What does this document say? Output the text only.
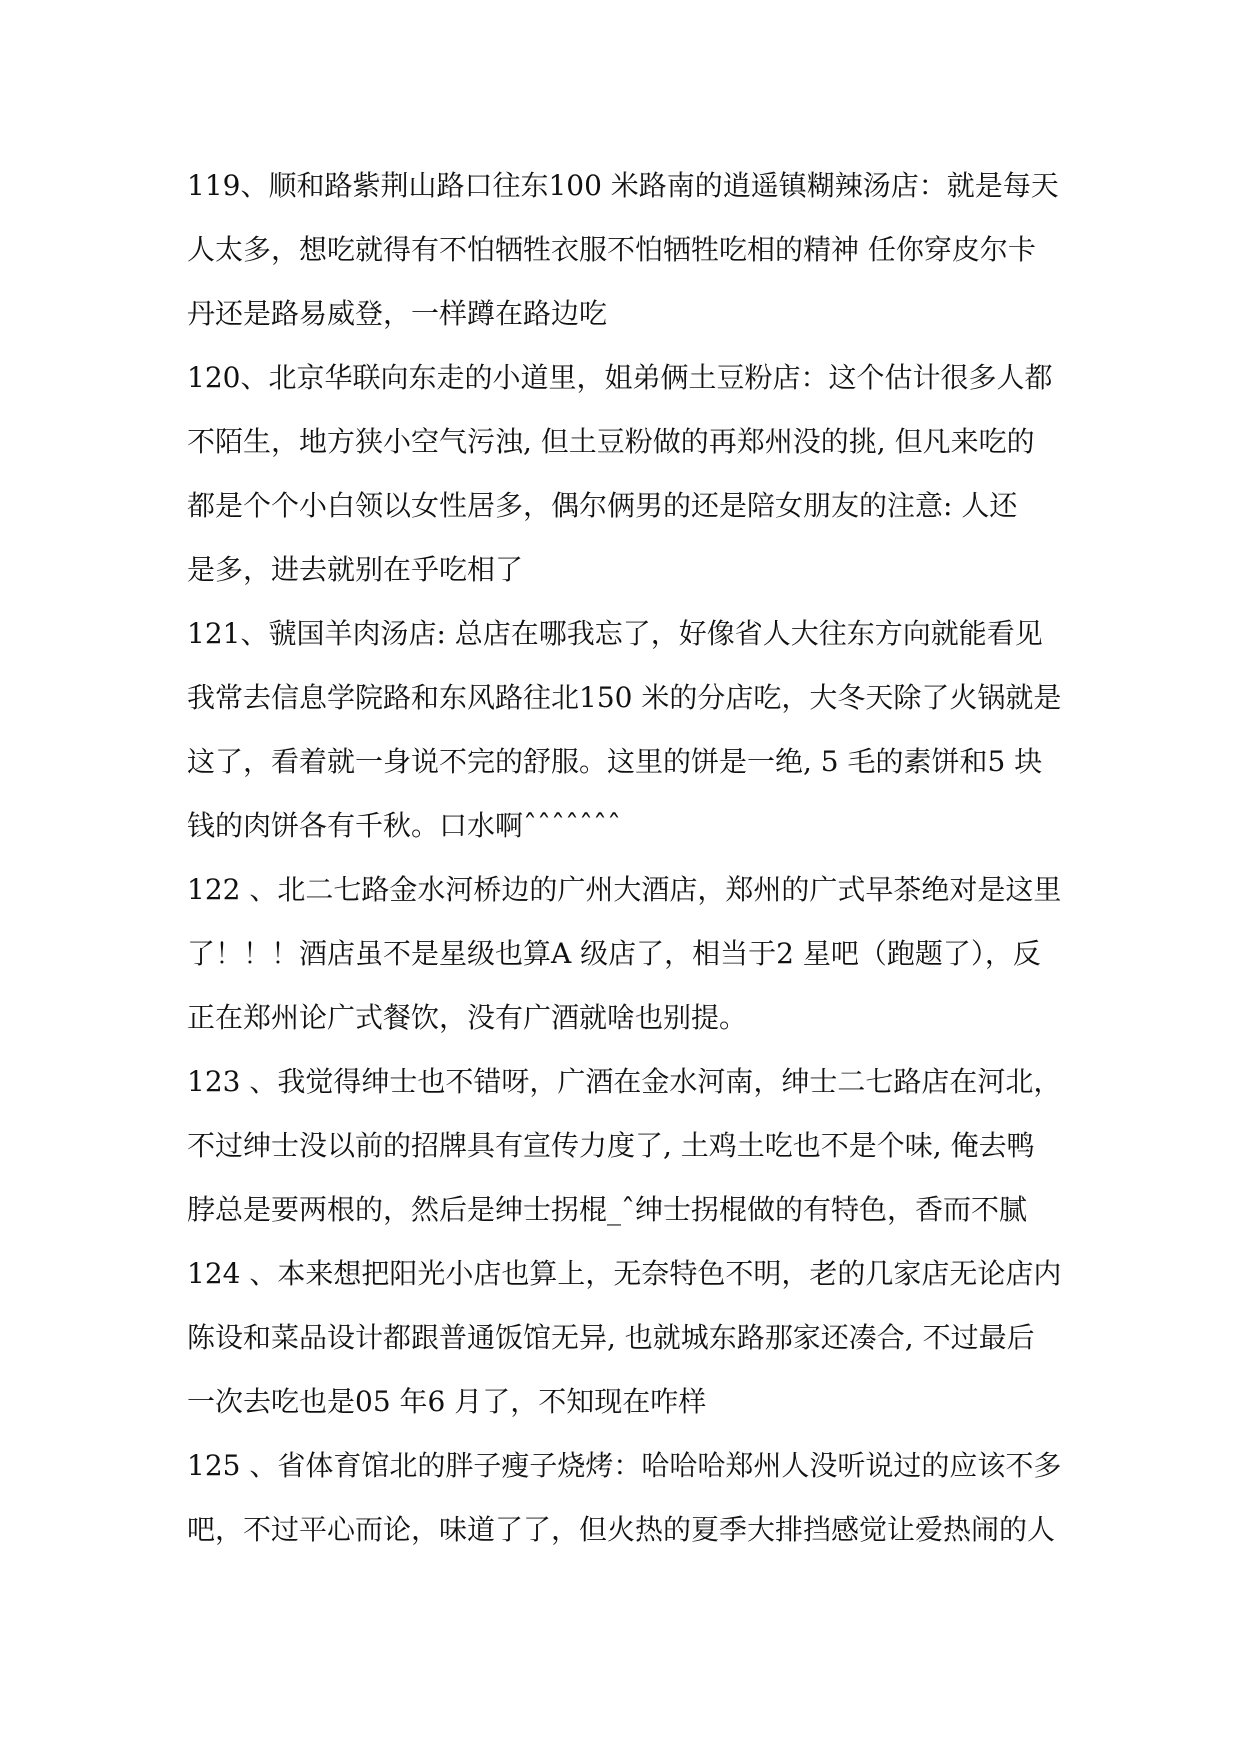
119、顺和路紫荆山路口往东100 米路南的逍遥镇糊辣汤店：就是每天
人太多，想吃就得有不怕牺牲衣服不怕牺牲吃相的精神 任你穿皮尔卡
丹还是路易威登，一样蹲在路边吃
120、北京华联向东走的小道里，姐弟俩土豆粉店：这个估计很多人都
不陌生，地方狭小空气污浊, 但土豆粉做的再郑州没的挑, 但凡来吃的
都是个个小白领以女性居多，偶尔俩男的还是陪女朋友的注意: 人还
是多，进去就别在乎吃相了
121、虢国羊肉汤店: 总店在哪我忘了，好像省人大往东方向就能看见
我常去信息学院路和东风路往北150 米的分店吃，大冬天除了火锅就是
这了，看着就一身说不完的舒服。这里的饼是一绝, 5 毛的素饼和5 块
钱的肉饼各有千秋。口水啊ˆˆˆˆˆˆˆ
122 、北二七路金水河桥边的广州大酒店，郑州的广式早茶绝对是这里
了！！！酒店虽不是星级也算A 级店了，相当于2 星吧（跑题了），反
正在郑州论广式餐饮，没有广酒就啥也别提。
123 、我觉得绅士也不错呀，广酒在金水河南，绅士二七路店在河北，
不过绅士没以前的招牌具有宣传力度了, 土鸡土吃也不是个味, 俺去鸭
脖总是要两根的，然后是绅士拐棍_ˆ绅士拐棍做的有特色，香而不腻
124 、本来想把阳光小店也算上，无奈特色不明，老的几家店无论店内
陈设和菜品设计都跟普通饭馆无异, 也就城东路那家还凑合, 不过最后
一次去吃也是05 年6 月了，不知现在咋样
125 、省体育馆北的胖子瘦子烧烤：哈哈哈郑州人没听说过的应该不多
吧，不过平心而论，味道了了，但火热的夏季大排挡感觉让爱热闹的人
